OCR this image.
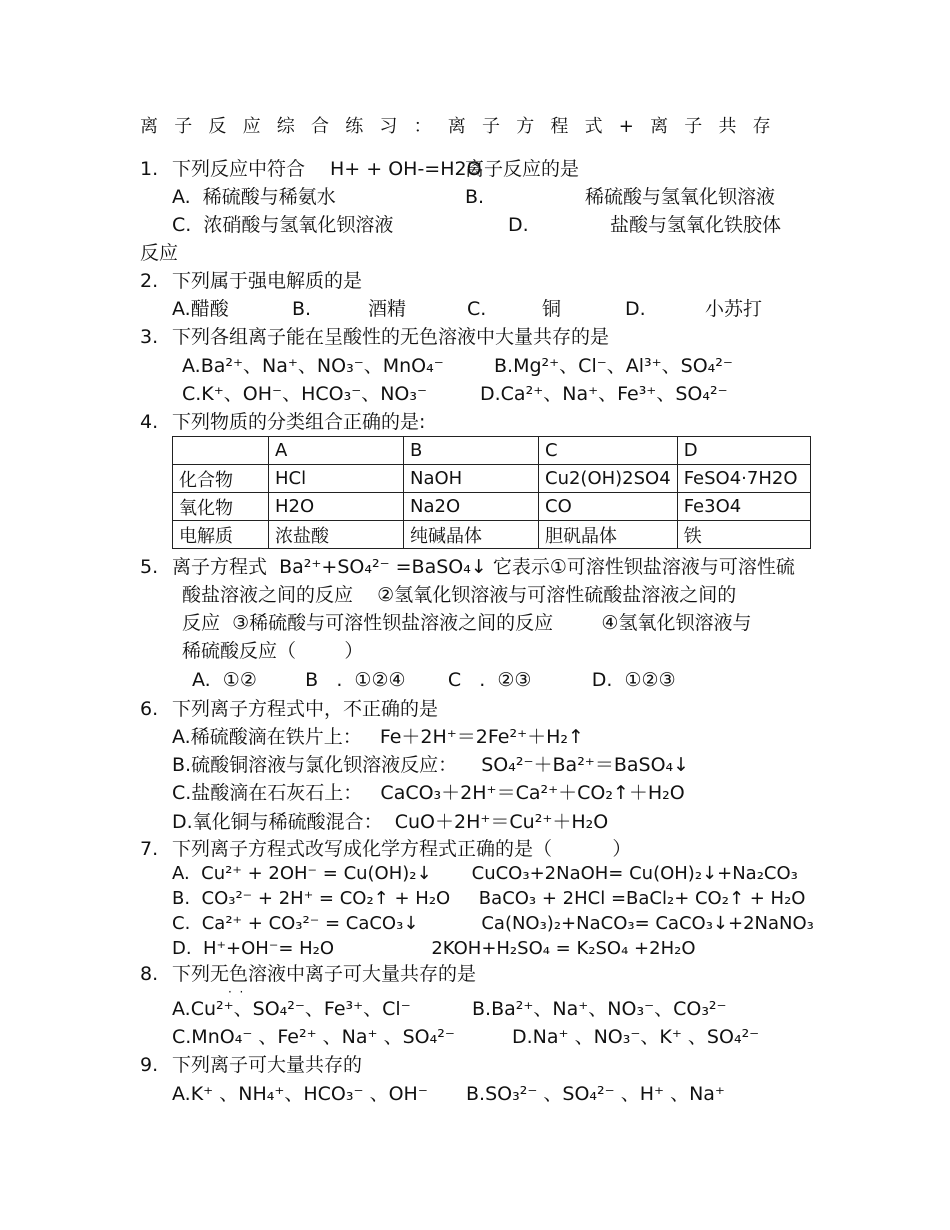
离子反应综合练习：离子方程式+离子共存
1. 下列反应中符合 H+ + OH-=H2O
离子反应的是
A.  稀硫酸与稀氨水	B.	稀硫酸与氢氧化钡溶液
C.  浓硝酸与氢氧化钡溶液	D.	盐酸与氢氧化铁胶体
反应
2. 下列属于强电解质的是
A.醋酸	B.	酒精	C.	铜	D.	小苏打
3. 下列各组离子能在呈酸性的无色溶液中大量共存的是
A.Ba²⁺、Na⁺、NO₃⁻、MnO₄⁻	B.Mg²⁺、Cl⁻、Al³⁺、SO₄²⁻
C.K⁺、OH⁻、HCO₃⁻、NO₃⁻	D.Ca²⁺、Na⁺、Fe³⁺、SO₄²⁻
4. 下列物质的分类组合正确的是:
	A	B	C	D
化合物	HCl	NaOH	Cu2(OH)2SO4	FeSO4·7H2O
氧化物	H2O	Na2O	CO	Fe3O4
电解质	浓盐酸	纯碱晶体	胆矾晶体	铁
5. 离子方程式  Ba²⁺+SO₄²⁻ =BaSO₄↓ 它表示①可溶性钡盐溶液与可溶性硫
酸盐溶液之间的反应    ②氢氧化钡溶液与可溶性硫酸盐溶液之间的
反应  ③稀硫酸与可溶性钡盐溶液之间的反应        ④氢氧化钡溶液与
稀硫酸反应（        ）
A.  ①②        B   .  ①②④       C   .  ②③          D.  ①②③
6. 下列离子方程式中，不正确的是
A.稀硫酸滴在铁片上：   Fe＋2H⁺＝2Fe²⁺＋H₂↑
B.硫酸铜溶液与氯化钡溶液反应：    SO₄²⁻＋Ba²⁺＝BaSO₄↓
C.盐酸滴在石灰石上：   CaCO₃＋2H⁺＝Ca²⁺＋CO₂↑＋H₂O
D.氧化铜与稀硫酸混合：  CuO＋2H⁺＝Cu²⁺＋H₂O
7. 下列离子方程式改写成化学方程式正确的是（          ）
A.  Cu²⁺ + 2OH⁻ = Cu(OH)₂↓       CuCO₃+2NaOH= Cu(OH)₂↓+Na₂CO₃
B.  CO₃²⁻ + 2H⁺ = CO₂↑ + H₂O     BaCO₃ + 2HCl =BaCl₂+ CO₂↑ + H₂O
C.  Ca²⁺ + CO₃²⁻ = CaCO₃↓           Ca(NO₃)₂+NaCO₃= CaCO₃↓+2NaNO₃
D.  H⁺+OH⁻= H₂O                 2KOH+H₂SO₄ = K₂SO₄ +2H₂O
8. 下列无色溶液中离子可大量共存的是
·  ·
A.Cu²⁺、SO₄²⁻、Fe³⁺、Cl⁻	B.Ba²⁺、Na⁺、NO₃⁻、CO₃²⁻
C.MnO₄⁻ 、Fe²⁺ 、Na⁺ 、SO₄²⁻	D.Na⁺ 、NO₃⁻、K⁺ 、SO₄²⁻
9. 下列离子可大量共存的
A.K⁺ 、NH₄⁺、HCO₃⁻ 、OH⁻ B.SO₃²⁻ 、SO₄²⁻ 、H⁺ 、Na⁺
